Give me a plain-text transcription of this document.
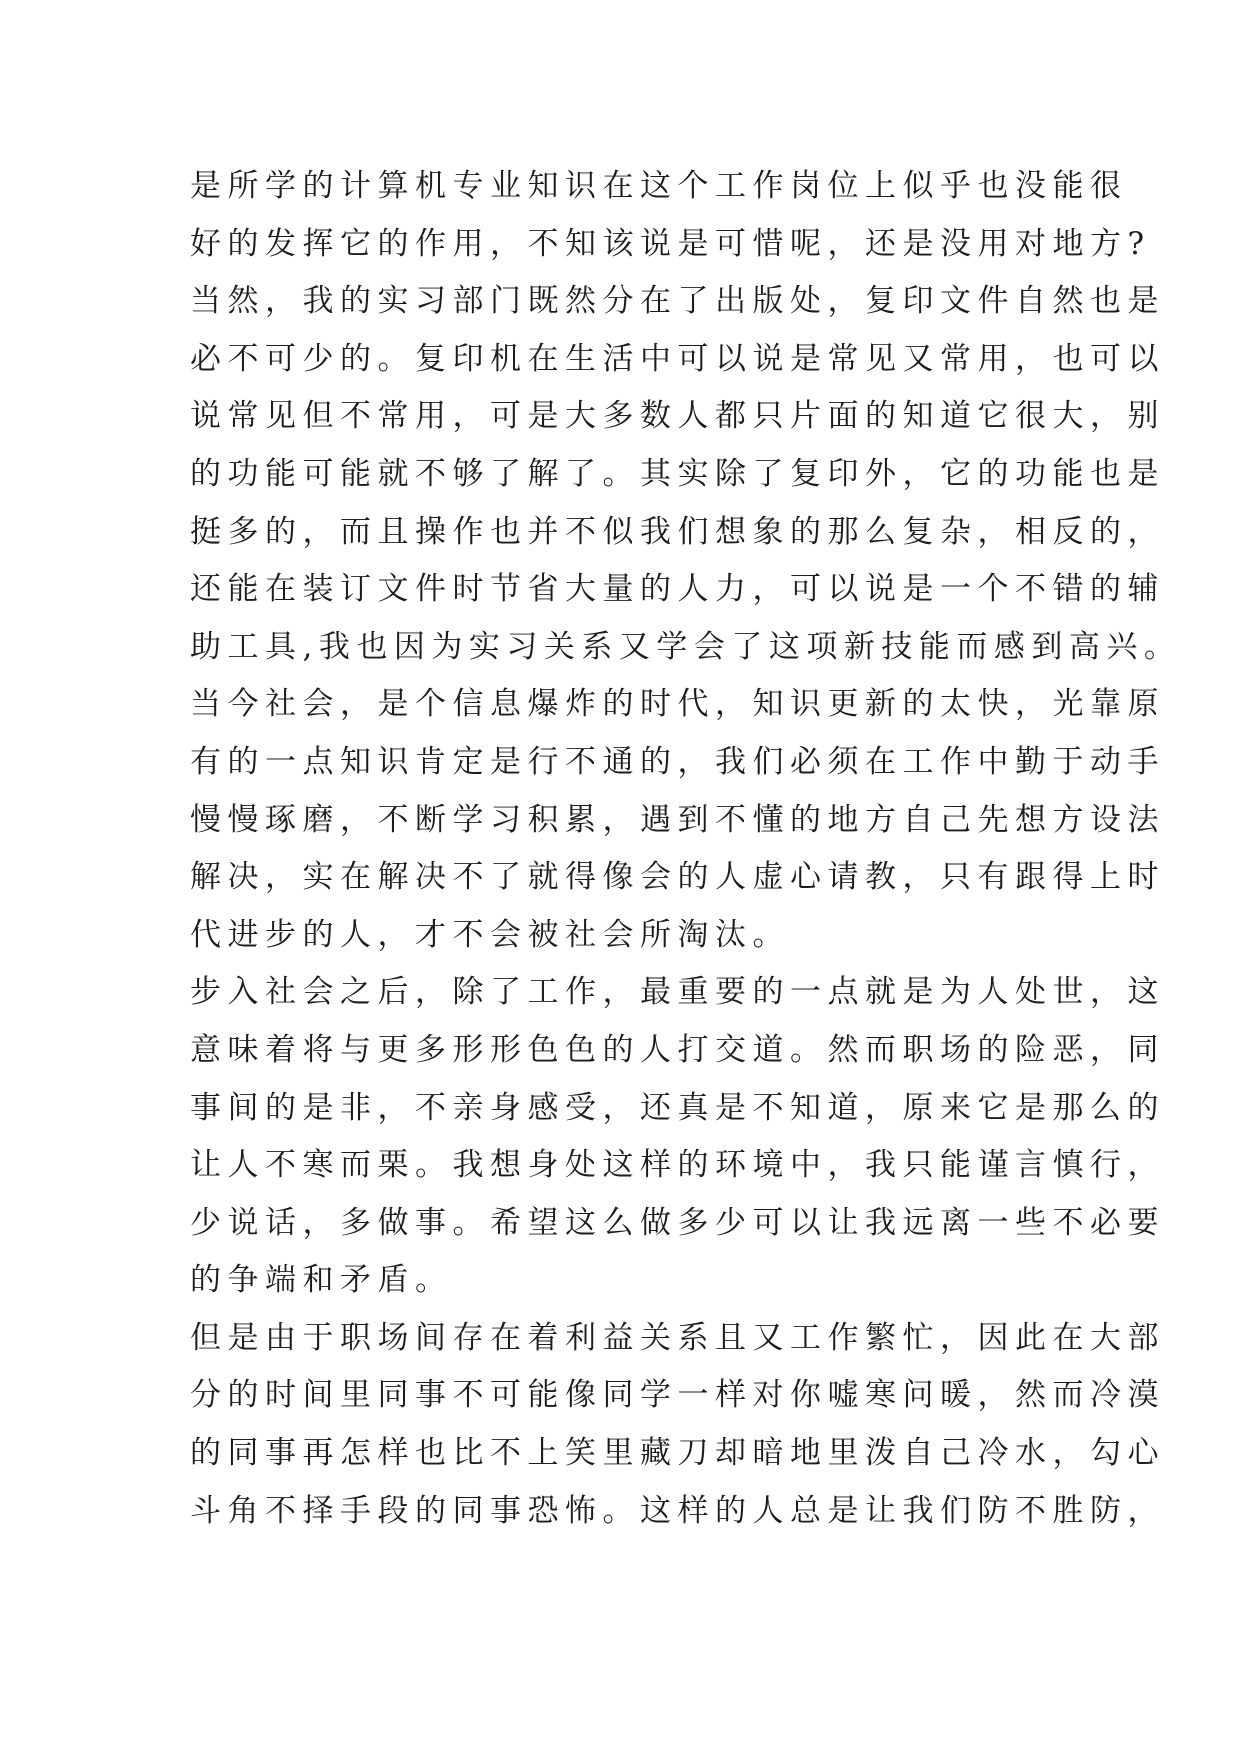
是所学的计算机专业知识在这个工作岗位上似乎也没能很
好的发挥它的作用，不知该说是可惜呢，还是没用对地方?
当然，我的实习部门既然分在了出版处，复印文件自然也是
必不可少的。复印机在生活中可以说是常见又常用，也可以
说常见但不常用，可是大多数人都只片面的知道它很大，别
的功能可能就不够了解了。其实除了复印外，它的功能也是
挺多的，而且操作也并不似我们想象的那么复杂，相反的，
还能在装订文件时节省大量的人力，可以说是一个不错的辅
助工具,我也因为实习关系又学会了这项新技能而感到高兴。
当今社会，是个信息爆炸的时代，知识更新的太快，光靠原
有的一点知识肯定是行不通的，我们必须在工作中勤于动手
慢慢琢磨，不断学习积累，遇到不懂的地方自己先想方设法
解决，实在解决不了就得像会的人虚心请教，只有跟得上时
代进步的人，才不会被社会所淘汰。
步入社会之后，除了工作，最重要的一点就是为人处世，这
意味着将与更多形形色色的人打交道。然而职场的险恶，同
事间的是非，不亲身感受，还真是不知道，原来它是那么的
让人不寒而栗。我想身处这样的环境中，我只能谨言慎行，
少说话，多做事。希望这么做多少可以让我远离一些不必要
的争端和矛盾。
但是由于职场间存在着利益关系且又工作繁忙，因此在大部
分的时间里同事不可能像同学一样对你嘘寒问暖，然而冷漠
的同事再怎样也比不上笑里藏刀却暗地里泼自己冷水，勾心
斗角不择手段的同事恐怖。这样的人总是让我们防不胜防，
